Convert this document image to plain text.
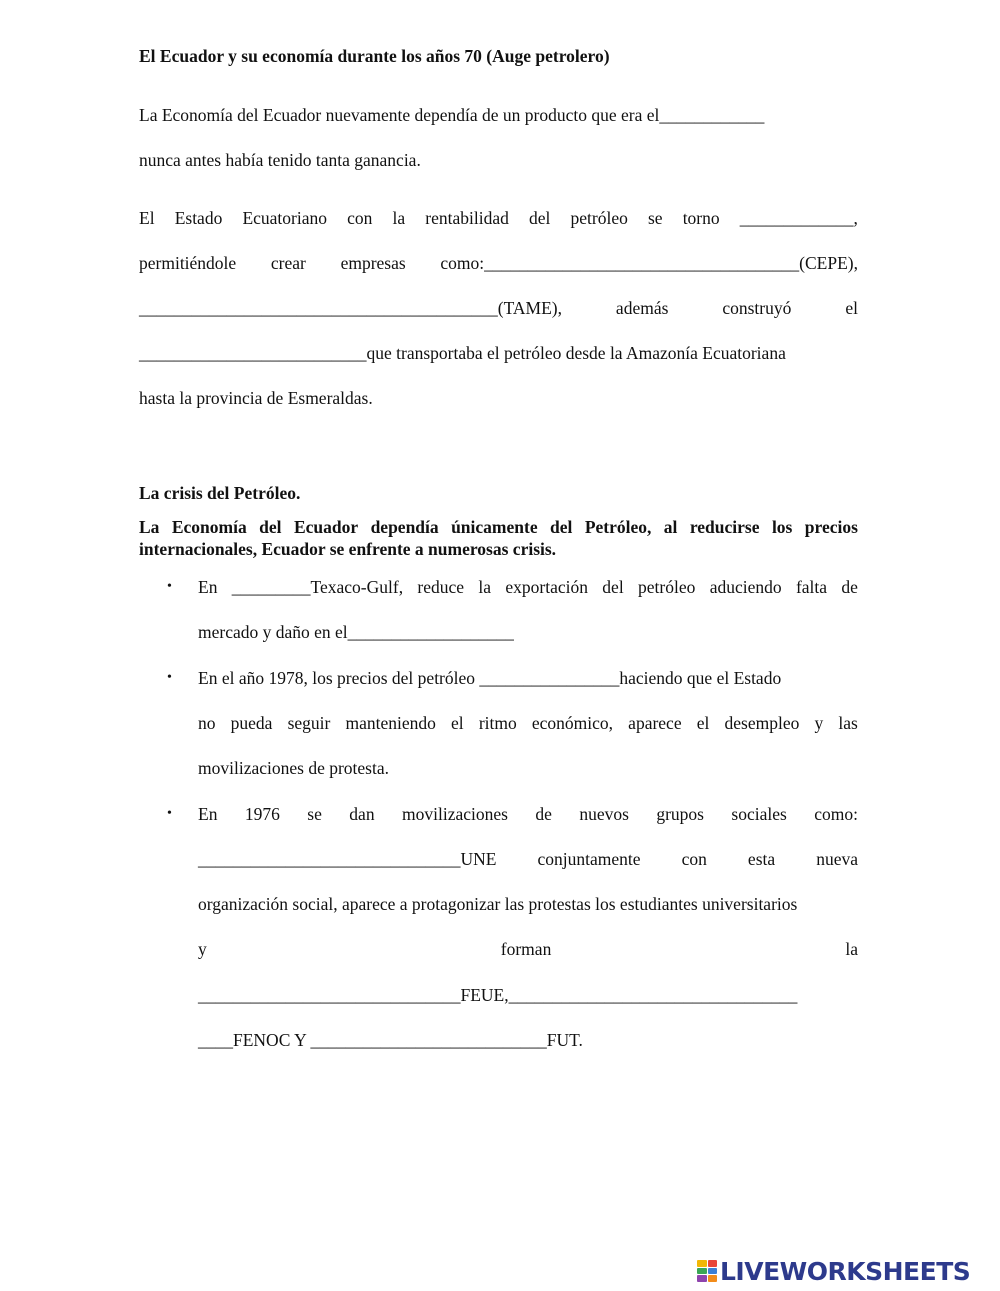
El Ecuador y su economía durante los años 70 (Auge petrolero)
La Economía del Ecuador nuevamente dependía de un producto que era el____________
nunca antes había tenido tanta ganancia.
El Estado Ecuatoriano con la rentabilidad del petróleo se torno _____________,
permitiéndole crear empresas como:____________________________________(CEPE),
_________________________________________(TAME),	además	construyó	el
__________________________que transportaba el petróleo desde la Amazonía Ecuatoriana
hasta la provincia de Esmeraldas.
La crisis del Petróleo.
La Economía del Ecuador dependía únicamente del Petróleo, al reducirse los precios
internacionales, Ecuador se enfrente a numerosas crisis.
• En _________Texaco-Gulf, reduce la exportación del petróleo aduciendo falta de
mercado y daño en el___________________
• En el año 1978, los precios del petróleo ________________haciendo que el Estado
no pueda seguir manteniendo el ritmo económico, aparece el desempleo y las
movilizaciones de protesta.
• En 1976 se dan movilizaciones de nuevos grupos sociales como:
______________________________UNE conjuntamente con esta nueva
organización social, aparece a protagonizar las protestas los estudiantes universitarios
y	forman	la
______________________________FEUE,_________________________________
____FENOC Y ___________________________FUT.
LIVEWORKSHEETS
